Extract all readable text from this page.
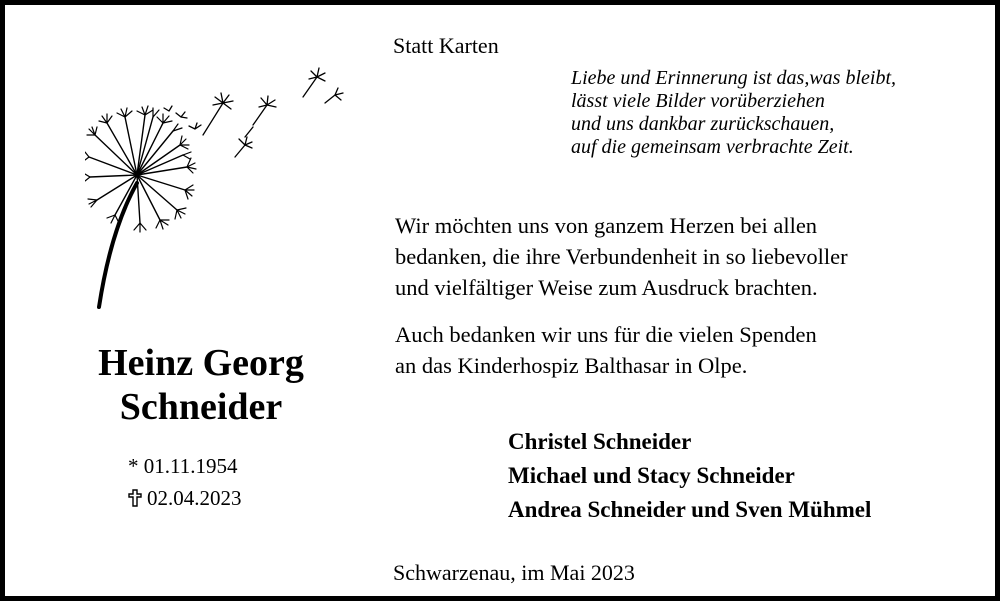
Statt Karten
Liebe und Erinnerung ist das,was bleibt,
lässt viele Bilder vorüberziehen
und uns dankbar zurückschauen,
auf die gemeinsam verbrachte Zeit.
Wir möchten uns von ganzem Herzen bei allen
bedanken, die ihre Verbundenheit in so liebevoller
und vielfältiger Weise zum Ausdruck brachten.
Auch bedanken wir uns für die vielen Spenden
an das Kinderhospiz Balthasar in Olpe.
Heinz Georg
Schneider
* 01.11.1954
02.04.2023
Christel Schneider
Michael und Stacy Schneider
Andrea Schneider und Sven Mühmel
Schwarzenau, im Mai 2023
